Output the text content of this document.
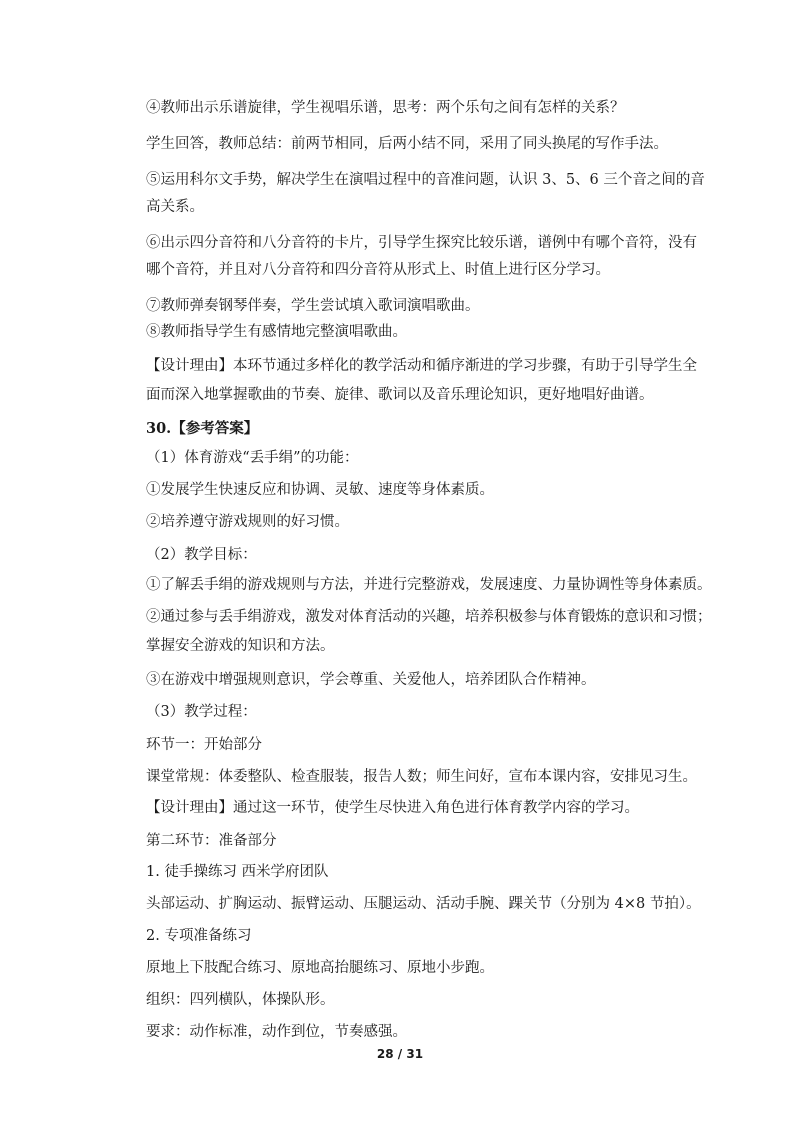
④教师出示乐谱旋律，学生视唱乐谱，思考：两个乐句之间有怎样的关系？
学生回答，教师总结：前两节相同，后两小结不同，采用了同头换尾的写作手法。
⑤运用科尔文手势，解决学生在演唱过程中的音准问题，认识 3、5、6 三个音之间的音
高关系。
⑥出示四分音符和八分音符的卡片，引导学生探究比较乐谱，谱例中有哪个音符，没有
哪个音符，并且对八分音符和四分音符从形式上、时值上进行区分学习。
⑦教师弹奏钢琴伴奏，学生尝试填入歌词演唱歌曲。
⑧教师指导学生有感情地完整演唱歌曲。
【设计理由】本环节通过多样化的教学活动和循序渐进的学习步骤，有助于引导学生全
面而深入地掌握歌曲的节奏、旋律、歌词以及音乐理论知识，更好地唱好曲谱。
30.【参考答案】
（1）体育游戏“丢手绢”的功能：
①发展学生快速反应和协调、灵敏、速度等身体素质。
②培养遵守游戏规则的好习惯。
（2）教学目标：
①了解丢手绢的游戏规则与方法，并进行完整游戏，发展速度、力量协调性等身体素质。
②通过参与丢手绢游戏，激发对体育活动的兴趣，培养积极参与体育锻炼的意识和习惯；
掌握安全游戏的知识和方法。
③在游戏中增强规则意识，学会尊重、关爱他人，培养团队合作精神。
（3）教学过程：
环节一：开始部分
课堂常规：体委整队、检查服装，报告人数；师生问好，宣布本课内容，安排见习生。
【设计理由】通过这一环节，使学生尽快进入角色进行体育教学内容的学习。
第二环节：准备部分
1. 徒手操练习 西米学府团队
头部运动、扩胸运动、振臂运动、压腿运动、活动手腕、踝关节（分别为 4×8 节拍）。
2. 专项准备练习
原地上下肢配合练习、原地高抬腿练习、原地小步跑。
组织：四列横队，体操队形。
要求：动作标准，动作到位，节奏感强。
28 / 31
